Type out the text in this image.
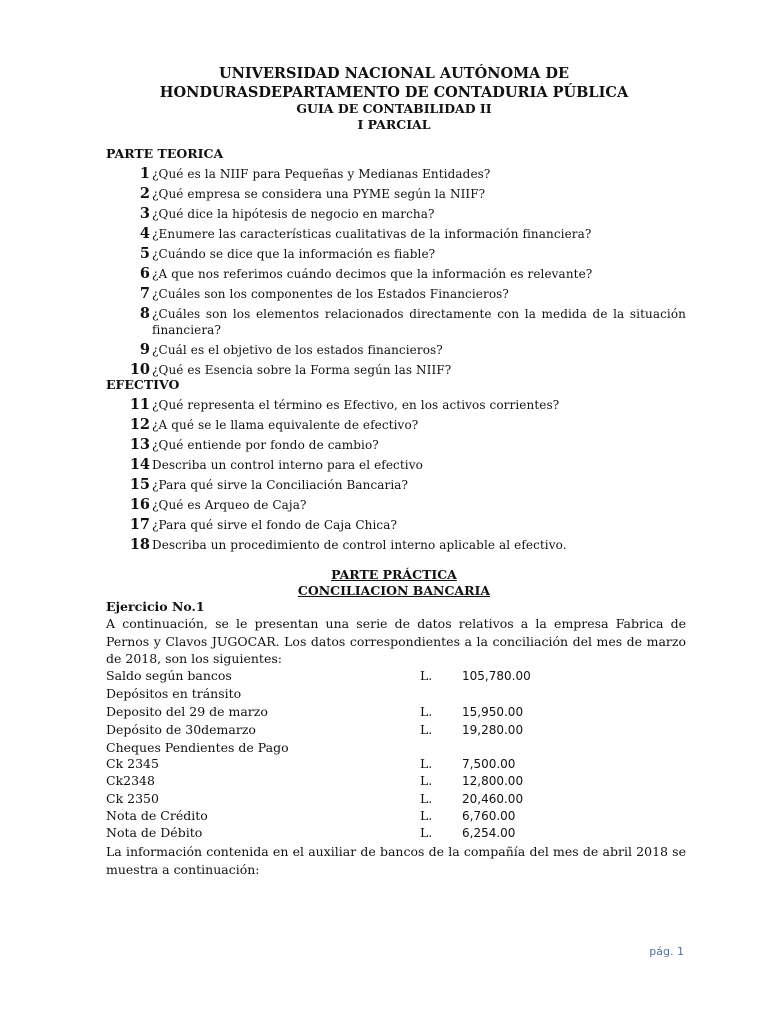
UNIVERSIDAD NACIONAL AUTÓNOMA DE HONDURASDEPARTAMENTO DE CONTADURIA PÚBLICA
GUIA DE CONTABILIDAD II
I PARCIAL
PARTE TEORICA
1 ¿Qué es la NIIF para Pequeñas y Medianas Entidades?
2 ¿Qué empresa se considera una PYME según la NIIF?
3 ¿Qué dice la hipótesis de negocio en marcha?
4 ¿Enumere las características cualitativas de la información financiera?
5 ¿Cuándo se dice que la información es fiable?
6 ¿A que nos referimos cuándo decimos que la información es relevante?
7 ¿Cuáles son los componentes de los Estados Financieros?
8 ¿Cuáles son los elementos relacionados directamente con la medida de la situación financiera?
9 ¿Cuál es el objetivo de los estados financieros?
10 ¿Qué es Esencia sobre la Forma según las NIIF?
EFECTIVO
11 ¿Qué representa el término es Efectivo, en los activos corrientes?
12 ¿A qué se le llama equivalente de efectivo?
13 ¿Qué entiende por fondo de cambio?
14 Describa un control interno para el efectivo
15 ¿Para qué sirve la Conciliación Bancaria?
16 ¿Qué es Arqueo de Caja?
17 ¿Para qué sirve el fondo de Caja Chica?
18 Describa un procedimiento de control interno aplicable al efectivo.
PARTE PRÁCTICA
CONCILIACION BANCARIA
Ejercicio No.1
A continuación, se le presentan una serie de datos relativos a la empresa Fabrica de Pernos y Clavos JUGOCAR. Los datos correspondientes a la conciliación del mes de marzo de 2018, son los siguientes:
Saldo según bancos	L. 105,780.00
Depósitos en tránsito
Deposito del 29 de marzo	L. 15,950.00
Depósito de 30demarzo	L. 19,280.00
Cheques Pendientes de Pago
Ck 2345	L. 7,500.00
Ck2348	L. 12,800.00
Ck 2350	L. 20,460.00
Nota de Crédito	L. 6,760.00
Nota de Débito	L. 6,254.00
La información contenida en el auxiliar de bancos de la compañía del mes de abril 2018 se muestra a continuación:
pág. 1
